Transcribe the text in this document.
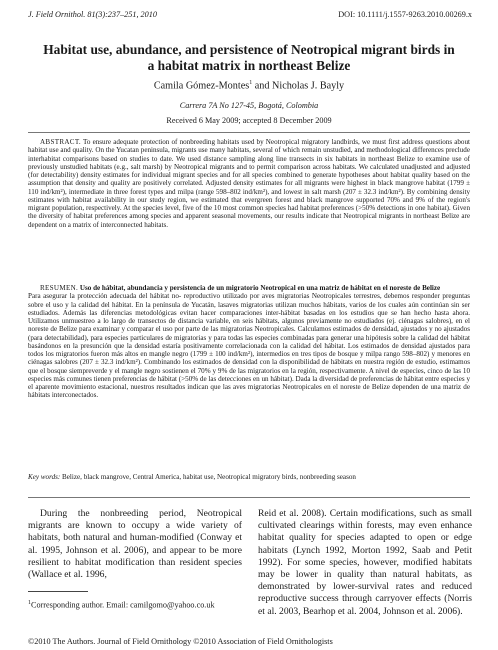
J. Field Ornithol. 81(3):237–251, 2010	DOI: 10.1111/j.1557-9263.2010.00269.x
Habitat use, abundance, and persistence of Neotropical migrant birds in a habitat matrix in northeast Belize
Camila Gómez-Montes$^1$ and Nicholas J. Bayly
Carrera 7A No 127-45, Bogotá, Colombia
Received 6 May 2009; accepted 8 December 2009

ABSTRACT. To ensure adequate protection of nonbreeding habitats used by Neotropical migratory landbirds, we must first address questions about habitat use and quality. On the Yucatan peninsula, migrants use many habitats, several of which remain unstudied, and methodological differences preclude interhabitat comparisons based on studies to date. We used distance sampling along line transects in six habitats in northeast Belize to examine use of previously unstudied habitats (e.g., salt marsh) by Neotropical migrants and to permit comparison across habitats. We calculated unadjusted and adjusted (for detectability) density estimates for individual migrant species and for all species combined to generate hypotheses about habitat quality based on the assumption that density and quality are positively correlated. Adjusted density estimates for all migrants were highest in black mangrove habitat (1799 ± 110 ind/km²), intermediate in three forest types and milpa (range 598–802 ind/km²), and lowest in salt marsh (207 ± 32.3 ind/km²). By combining density estimates with habitat availability in our study region, we estimated that evergreen forest and black mangrove supported 70% and 9% of the region's migrant population, respectively. At the species level, five of the 10 most common species had habitat preferences (>50% detections in one habitat). Given the diversity of habitat preferences among species and apparent seasonal movements, our results indicate that Neotropical migrants in northeast Belize are dependent on a matrix of interconnected habitats.

RESUMEN. Uso de hábitat, abundancia y persistencia de un migratorio Neotropical en una matriz de hábitat en el noreste de Belize
Para asegurar la protección adecuada del hábitat no- reproductivo utilizado por aves migratorias Neotropicales terrestres, debemos responder preguntas sobre el uso y la calidad del hábitat. En la península de Yucatán, lasaves migratorias utilizan muchos hábitats, varios de los cuales aún continúan sin ser estudiados. Además las diferencias metodológicas evitan hacer comparaciones inter-hábitat basadas en los estudios que se han hecho hasta ahora. Utilizamos unmuestreo a lo largo de transectos de distancia variable, en seis hábitats, algunos previamente no estudiados (ej. ciénagas salobres), en el noreste de Belize para examinar y comparar el uso por parte de las migratorias Neotropicales. Calculamos estimados de densidad, ajustados y no ajustados (para detectabilidad), para especies particulares de migratorias y para todas las especies combinadas para generar una hipótesis sobre la calidad del hábitat basándonos en la presunción que la densidad estaría positivamente correlacionada con la calidad del hábitat. Los estimados de densidad ajustados para todos los migratorios fueron más altos en mangle negro (1799 ± 100 ind/km²), intermedios en tres tipos de bosque y milpa rango 598–802) y menores en ciénagas salobres (207 ± 32.3 ind/km²). Combinando los estimados de densidad con la disponibilidad de hábitats en nuestra región de estudio, estimamos que el bosque siempreverde y el mangle negro sostienen el 70% y 9% de las migratorios en la región, respectivamente. A nivel de especies, cinco de las 10 especies más comunes tienen preferencias de hábitat (>50% de las detecciones en un hábitat). Dada la diversidad de preferencias de hábitat entre especies y el aparente movimiento estacional, nuestros resultados indican que las aves migratorias Neotropicales en el noreste de Belize dependen de una matriz de hábitats interconectados.

Key words: Belize, black mangrove, Central America, habitat use, Neotropical migratory birds, nonbreeding season

During the nonbreeding period, Neotropical migrants are known to occupy a wide variety of habitats, both natural and human-modified (Conway et al. 1995, Johnson et al. 2006), and appear to be more resilient to habitat modification than resident species (Wallace et al. 1996,

Reid et al. 2008). Certain modifications, such as small cultivated clearings within forests, may even enhance habitat quality for species adapted to open or edge habitats (Lynch 1992, Morton 1992, Saab and Petit 1992). For some species, however, modified habitats may be lower in quality than natural habitats, as demonstrated by lower-survival rates and reduced reproductive success through carryover effects (Norris et al. 2003, Bearhop et al. 2004, Johnson et al. 2006).

$^1$Corresponding author. Email: camilgomo@yahoo.co.uk
©2010 The Authors. Journal of Field Ornithology ©2010 Association of Field Ornithologists
